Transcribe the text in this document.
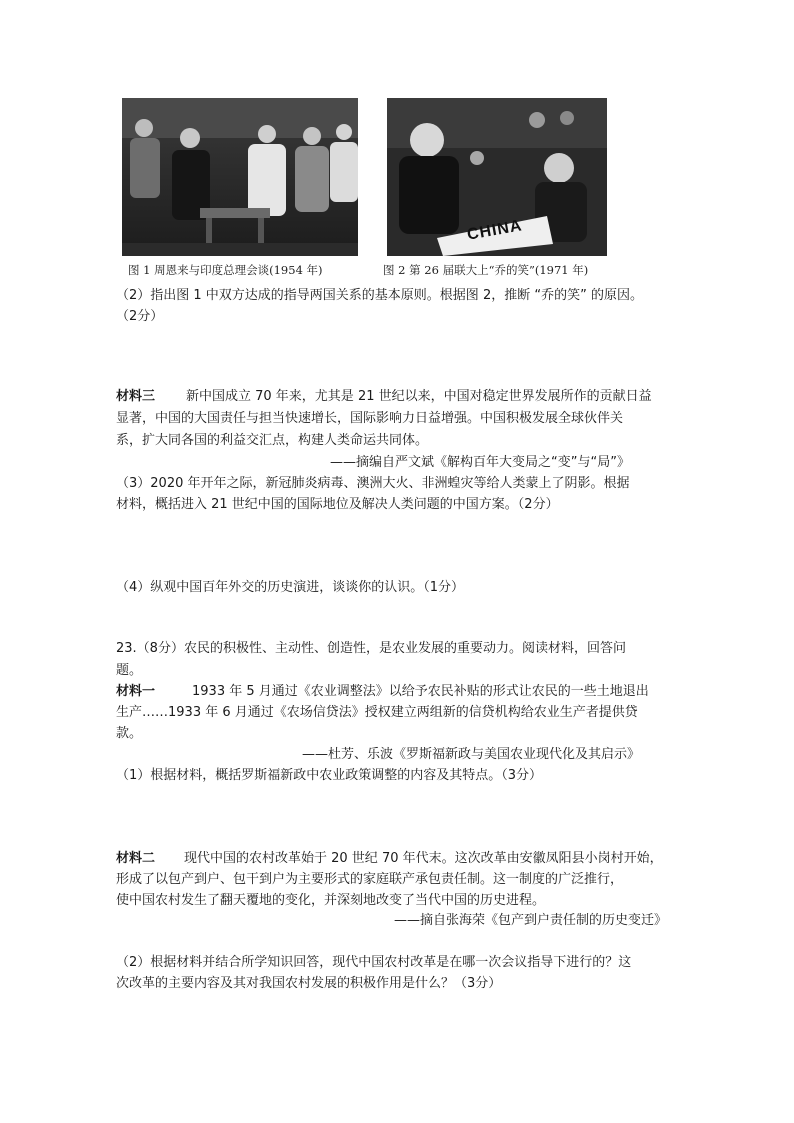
图 1 周恩来与印度总理会谈(1954 年)
CHINA
图 2 第 26 届联大上“乔的笑”(1971 年)
（2）指出图 1 中双方达成的指导两国关系的基本原则。根据图 2，推断 “乔的笑” 的原因。
（2分）
材料三 新中国成立 70 年来，尤其是 21 世纪以来，中国对稳定世界发展所作的贡献日益
显著，中国的大国责任与担当快速增长，国际影响力日益增强。中国积极发展全球伙伴关
系，扩大同各国的利益交汇点，构建人类命运共同体。
——摘编自严文斌《解构百年大变局之“变”与“局”》
（3）2020 年开年之际，新冠肺炎病毒、澳洲大火、非洲蝗灾等给人类蒙上了阴影。根据
材料，概括进入 21 世纪中国的国际地位及解决人类问题的中国方案。（2分）
（4）纵观中国百年外交的历史演进，谈谈你的认识。（1分）
23.（8分）农民的积极性、主动性、创造性，是农业发展的重要动力。阅读材料，回答问
题。
材料一	1933 年 5 月通过《农业调整法》以给予农民补贴的形式让农民的一些土地退出
生产……1933 年 6 月通过《农场信贷法》授权建立两组新的信贷机构给农业生产者提供贷
款。
——杜芳、乐波《罗斯福新政与美国农业现代化及其启示》
（1）根据材料，概括罗斯福新政中农业政策调整的内容及其特点。（3分）
材料二 现代中国的农村改革始于 20 世纪 70 年代末。这次改革由安徽凤阳县小岗村开始，
形成了以包产到户、包干到户为主要形式的家庭联产承包责任制。这一制度的广泛推行，
使中国农村发生了翻天覆地的变化，并深刻地改变了当代中国的历史进程。
——摘自张海荣《包产到户责任制的历史变迁》
（2）根据材料并结合所学知识回答，现代中国农村改革是在哪一次会议指导下进行的？这
次改革的主要内容及其对我国农村发展的积极作用是什么？（3分）
